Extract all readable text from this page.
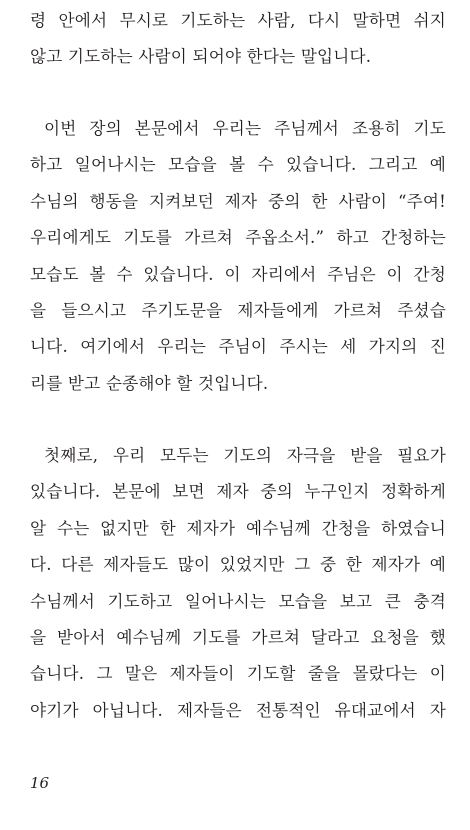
령 안에서 무시로 기도하는 사람, 다시 말하면 쉬지
않고 기도하는 사람이 되어야 한다는 말입니다.
이번 장의 본문에서 우리는 주님께서 조용히 기도
하고 일어나시는 모습을 볼 수 있습니다. 그리고 예
수님의 행동을 지켜보던 제자 중의 한 사람이 “주여!
우리에게도 기도를 가르쳐 주옵소서.” 하고 간청하는
모습도 볼 수 있습니다. 이 자리에서 주님은 이 간청
을 들으시고 주기도문을 제자들에게 가르쳐 주셨습
니다. 여기에서 우리는 주님이 주시는 세 가지의 진
리를 받고 순종해야 할 것입니다.
첫째로, 우리 모두는 기도의 자극을 받을 필요가
있습니다. 본문에 보면 제자 중의 누구인지 정확하게
알 수는 없지만 한 제자가 예수님께 간청을 하였습니
다. 다른 제자들도 많이 있었지만 그 중 한 제자가 예
수님께서 기도하고 일어나시는 모습을 보고 큰 충격
을 받아서 예수님께 기도를 가르쳐 달라고 요청을 했
습니다. 그 말은 제자들이 기도할 줄을 몰랐다는 이
야기가 아닙니다. 제자들은 전통적인 유대교에서 자
16
